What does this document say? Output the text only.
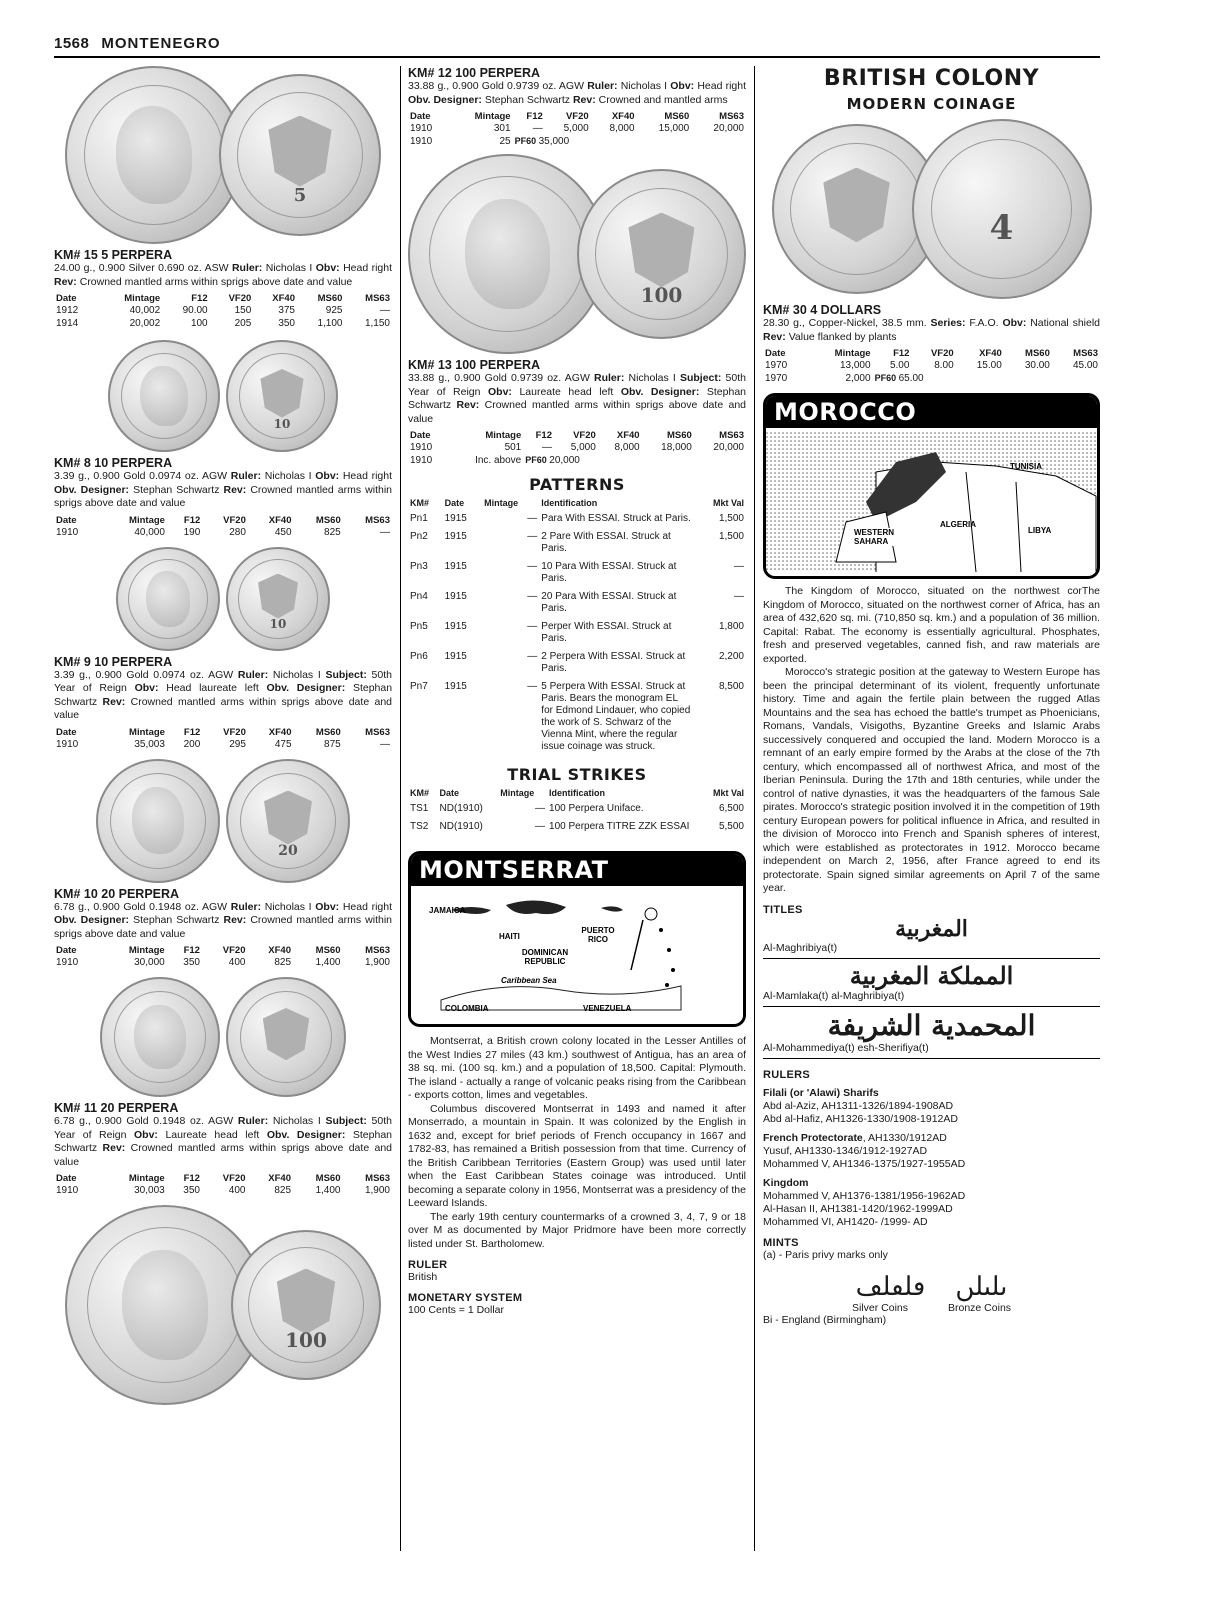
1568 MONTENEGRO
5
KM# 15 5 PERPERA
24.00 g., 0.900 Silver 0.690 oz. ASW Ruler: Nicholas I Obv: Head right Rev: Crowned mantled arms within sprigs above date and value
Date	Mintage	F12	VF20	XF40	MS60	MS63
1912	40,002	90.00	150	375	925	—
1914	20,002	100	205	350	1,100	1,150
10
KM# 8 10 PERPERA
3.39 g., 0.900 Gold 0.0974 oz. AGW Ruler: Nicholas I Obv: Head right Obv. Designer: Stephan Schwartz Rev: Crowned mantled arms within sprigs above date and value
Date	Mintage	F12	VF20	XF40	MS60	MS63
1910	40,000	190	280	450	825	—
10
KM# 9 10 PERPERA
3.39 g., 0.900 Gold 0.0974 oz. AGW Ruler: Nicholas I Subject: 50th Year of Reign Obv: Head laureate left Obv. Designer: Stephan Schwartz Rev: Crowned mantled arms within sprigs above date and value
Date	Mintage	F12	VF20	XF40	MS60	MS63
1910	35,003	200	295	475	875	—
20
KM# 10 20 PERPERA
6.78 g., 0.900 Gold 0.1948 oz. AGW Ruler: Nicholas I Obv: Head right Obv. Designer: Stephan Schwartz Rev: Crowned mantled arms within sprigs above date and value
Date	Mintage	F12	VF20	XF40	MS60	MS63
1910	30,000	350	400	825	1,400	1,900
KM# 11 20 PERPERA
6.78 g., 0.900 Gold 0.1948 oz. AGW Ruler: Nicholas I Subject: 50th Year of Reign Obv: Laureate head left Obv. Designer: Stephan Schwartz Rev: Crowned mantled arms within sprigs above date and value
Date	Mintage	F12	VF20	XF40	MS60	MS63
1910	30,003	350	400	825	1,400	1,900
100
KM# 12 100 PERPERA
33.88 g., 0.900 Gold 0.9739 oz. AGW Ruler: Nicholas I Obv: Head right Obv. Designer: Stephan Schwartz Rev: Crowned and mantled arms
Date	Mintage	F12	VF20	XF40	MS60	MS63
1910	301	—	5,000	8,000	15,000	20,000
1910	25	PF60 35,000				
100
KM# 13 100 PERPERA
33.88 g., 0.900 Gold 0.9739 oz. AGW Ruler: Nicholas I Subject: 50th Year of Reign Obv: Laureate head left Obv. Designer: Stephan Schwartz Rev: Crowned mantled arms within sprigs above date and value
Date	Mintage	F12	VF20	XF40	MS60	MS63
1910	501	—	5,000	8,000	18,000	20,000
1910	Inc. above	PF60 20,000				
PATTERNS
KM#	Date	Mintage	Identification	Mkt Val
Pn1	1915	—	Para With ESSAI. Struck at Paris.	1,500
Pn2	1915	—	2 Pare With ESSAI. Struck at Paris.	1,500
Pn3	1915	—	10 Para With ESSAI. Struck at Paris.	—
Pn4	1915	—	20 Para With ESSAI. Struck at Paris.	—
Pn5	1915	—	Perper With ESSAI. Struck at Paris.	1,800
Pn6	1915	—	2 Perpera With ESSAI. Struck at Paris.	2,200
Pn7	1915	—	5 Perpera With ESSAI. Struck at Paris. Bears the monogram EL for Edmond Lindauer, who copied the work of S. Schwarz of the Vienna Mint, where the regular issue coinage was struck.	8,500
TRIAL STRIKES
KM#	Date	Mintage	Identification	Mkt Val
TS1	ND(1910)	—	100 Perpera Uniface.	6,500
TS2	ND(1910)	—	100 Perpera TITRE ZZK ESSAI	5,500
MONTSERRAT
JAMAICA
HAITI
PUERTO RICO
DOMINICAN REPUBLIC
Caribbean Sea
COLOMBIA	VENEZUELA

Montserrat, a British crown colony located in the Lesser Antilles of the West Indies 27 miles (43 km.) southwest of Antigua, has an area of 38 sq. mi. (100 sq. km.) and a population of 18,500. Capital: Plymouth. The island - actually a range of volcanic peaks rising from the Caribbean - exports cotton, limes and vegetables.

Columbus discovered Montserrat in 1493 and named it after Monserrado, a mountain in Spain. It was colonized by the English in 1632 and, except for brief periods of French occupancy in 1667 and 1782-83, has remained a British possession from that time. Currency of the British Caribbean Territories (Eastern Group) was used until later when the East Caribbean States coinage was introduced. Until becoming a separate colony in 1956, Montserrat was a presidency of the Leeward Islands.

The early 19th century countermarks of a crowned 3, 4, 7, 9 or 18 over M as documented by Major Pridmore have been more correctly listed under St. Bartholomew.

RULER
British
MONETARY SYSTEM
100 Cents = 1 Dollar
BRITISH COLONY
MODERN COINAGE
4
KM# 30 4 DOLLARS
28.30 g., Copper-Nickel, 38.5 mm. Series: F.A.O. Obv: National shield Rev: Value flanked by plants
Date	Mintage	F12	VF20	XF40	MS60	MS63
1970	13,000	5.00	8.00	15.00	30.00	45.00
1970	2,000	PF60 65.00				
MOROCCO
TUNISIA
ALGERIA
LIBYA
WESTERN SAHARA

The Kingdom of Morocco, situated on the northwest corThe Kingdom of Morocco, situated on the northwest corner of Africa, has an area of 432,620 sq. mi. (710,850 sq. km.) and a population of 36 million. Capital: Rabat. The economy is essentially agricultural. Phosphates, fresh and preserved vegetables, canned fish, and raw materials are exported.

Morocco's strategic position at the gateway to Western Europe has been the principal determinant of its violent, frequently unfortunate history. Time and again the fertile plain between the rugged Atlas Mountains and the sea has echoed the battle's trumpet as Phoenicians, Romans, Vandals, Visigoths, Byzantine Greeks and Islamic Arabs successively conquered and occupied the land. Modern Morocco is a remnant of an early empire formed by the Arabs at the close of the 7th century, which encompassed all of northwest Africa, and most of the Iberian Peninsula. During the 17th and 18th centuries, while under the control of native dynasties, it was the headquarters of the famous Sale pirates. Morocco's strategic position involved it in the competition of 19th century European powers for political influence in Africa, and resulted in the division of Morocco into French and Spanish spheres of interest, which were established as protectorates in 1912. Morocco became independent on March 2, 1956, after France agreed to end its protectorate. Spain signed similar agreements on April 7 of the same year.

TITLES
المغربية
Al-Maghribiya(t)
المملكة المغربية
Al-Mamlaka(t) al-Maghribiya(t)
المحمدية الشريفة
Al-Mohammediya(t) esh-Sherifiya(t)
RULERS
Filali (or 'Alawi) Sharifs
Abd al-Aziz, AH1311-1326/1894-1908AD
Abd al-Hafiz, AH1326-1330/1908-1912AD
French Protectorate, AH1330/1912AD
Yusuf, AH1330-1346/1912-1927AD
Mohammed V, AH1346-1375/1927-1955AD
Kingdom
Mohammed V, AH1376-1381/1956-1962AD
Al-Hasan II, AH1381-1420/1962-1999AD
Mohammed VI, AH1420- /1999- AD
MINTS
(a) - Paris privy marks only
ڡلڡلڡ ںلںلں
Silver Coins	Bronze Coins
Bi - England (Birmingham)
